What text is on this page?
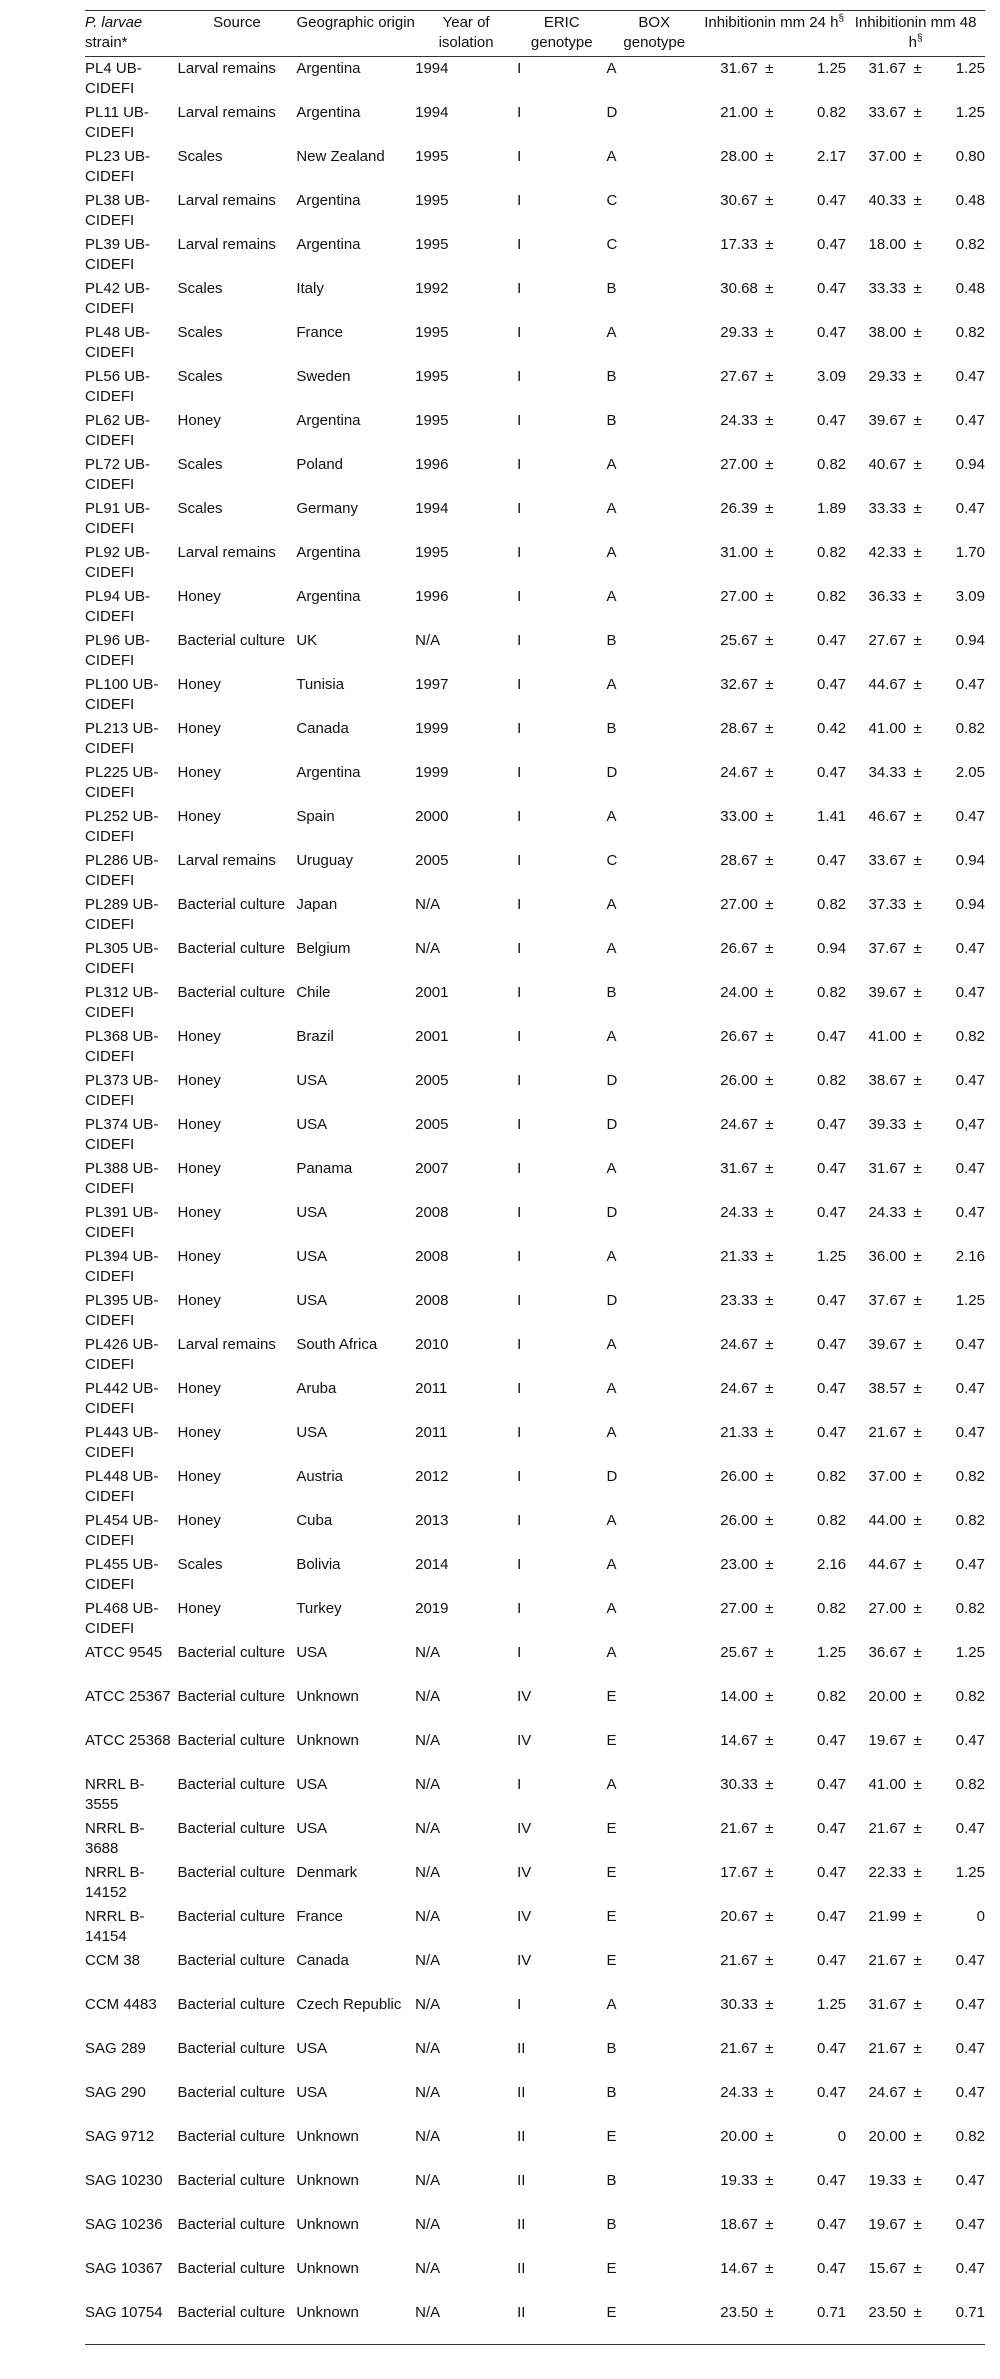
P. larvae
strain*	Source	Geographic origin	Year of isolation	ERIC genotype	BOX genotype	Inhibitionin mm 24 h§			Inhibitionin mm 48 h§
PL4 UB-CIDEFI	Larval remains	Argentina	1994	I	A	31.67	±	1.25	31.67	±	1.25
PL11 UB-CIDEFI	Larval remains	Argentina	1994	I	D	21.00	±	0.82	33.67	±	1.25
PL23 UB-CIDEFI	Scales	New Zealand	1995	I	A	28.00	±	2.17	37.00	±	0.80
PL38 UB-CIDEFI	Larval remains	Argentina	1995	I	C	30.67	±	0.47	40.33	±	0.48
PL39 UB-CIDEFI	Larval remains	Argentina	1995	I	C	17.33	±	0.47	18.00	±	0.82
PL42 UB-CIDEFI	Scales	Italy	1992	I	B	30.68	±	0.47	33.33	±	0.48
PL48 UB-CIDEFI	Scales	France	1995	I	A	29.33	±	0.47	38.00	±	0.82
PL56 UB-CIDEFI	Scales	Sweden	1995	I	B	27.67	±	3.09	29.33	±	0.47
PL62 UB-CIDEFI	Honey	Argentina	1995	I	B	24.33	±	0.47	39.67	±	0.47
PL72 UB-CIDEFI	Scales	Poland	1996	I	A	27.00	±	0.82	40.67	±	0.94
PL91 UB-CIDEFI	Scales	Germany	1994	I	A	26.39	±	1.89	33.33	±	0.47
PL92 UB-CIDEFI	Larval remains	Argentina	1995	I	A	31.00	±	0.82	42.33	±	1.70
PL94 UB-CIDEFI	Honey	Argentina	1996	I	A	27.00	±	0.82	36.33	±	3.09
PL96 UB-CIDEFI	Bacterial culture	UK	N/A	I	B	25.67	±	0.47	27.67	±	0.94
PL100 UB-CIDEFI	Honey	Tunisia	1997	I	A	32.67	±	0.47	44.67	±	0.47
PL213 UB-CIDEFI	Honey	Canada	1999	I	B	28.67	±	0.42	41.00	±	0.82
PL225 UB-CIDEFI	Honey	Argentina	1999	I	D	24.67	±	0.47	34.33	±	2.05
PL252 UB-CIDEFI	Honey	Spain	2000	I	A	33.00	±	1.41	46.67	±	0.47
PL286 UB-CIDEFI	Larval remains	Uruguay	2005	I	C	28.67	±	0.47	33.67	±	0.94
PL289 UB-CIDEFI	Bacterial culture	Japan	N/A	I	A	27.00	±	0.82	37.33	±	0.94
PL305 UB-CIDEFI	Bacterial culture	Belgium	N/A	I	A	26.67	±	0.94	37.67	±	0.47
PL312 UB-CIDEFI	Bacterial culture	Chile	2001	I	B	24.00	±	0.82	39.67	±	0.47
PL368 UB-CIDEFI	Honey	Brazil	2001	I	A	26.67	±	0.47	41.00	±	0.82
PL373 UB-CIDEFI	Honey	USA	2005	I	D	26.00	±	0.82	38.67	±	0.47
PL374 UB-CIDEFI	Honey	USA	2005	I	D	24.67	±	0.47	39.33	±	0,47
PL388 UB-CIDEFI	Honey	Panama	2007	I	A	31.67	±	0.47	31.67	±	0.47
PL391 UB-CIDEFI	Honey	USA	2008	I	D	24.33	±	0.47	24.33	±	0.47
PL394 UB-CIDEFI	Honey	USA	2008	I	A	21.33	±	1.25	36.00	±	2.16
PL395 UB-CIDEFI	Honey	USA	2008	I	D	23.33	±	0.47	37.67	±	1.25
PL426 UB-CIDEFI	Larval remains	South Africa	2010	I	A	24.67	±	0.47	39.67	±	0.47
PL442 UB-CIDEFI	Honey	Aruba	2011	I	A	24.67	±	0.47	38.57	±	0.47
PL443 UB-CIDEFI	Honey	USA	2011	I	A	21.33	±	0.47	21.67	±	0.47
PL448 UB-CIDEFI	Honey	Austria	2012	I	D	26.00	±	0.82	37.00	±	0.82
PL454 UB-CIDEFI	Honey	Cuba	2013	I	A	26.00	±	0.82	44.00	±	0.82
PL455 UB-CIDEFI	Scales	Bolivia	2014	I	A	23.00	±	2.16	44.67	±	0.47
PL468 UB-CIDEFI	Honey	Turkey	2019	I	A	27.00	±	0.82	27.00	±	0.82
ATCC 9545	Bacterial culture	USA	N/A	I	A	25.67	±	1.25	36.67	±	1.25
ATCC 25367	Bacterial culture	Unknown	N/A	IV	E	14.00	±	0.82	20.00	±	0.82
ATCC 25368	Bacterial culture	Unknown	N/A	IV	E	14.67	±	0.47	19.67	±	0.47
NRRL B-3555	Bacterial culture	USA	N/A	I	A	30.33	±	0.47	41.00	±	0.82
NRRL B-3688	Bacterial culture	USA	N/A	IV	E	21.67	±	0.47	21.67	±	0.47
NRRL B-14152	Bacterial culture	Denmark	N/A	IV	E	17.67	±	0.47	22.33	±	1.25
NRRL B-14154	Bacterial culture	France	N/A	IV	E	20.67	±	0.47	21.99	±	0
CCM 38	Bacterial culture	Canada	N/A	IV	E	21.67	±	0.47	21.67	±	0.47
CCM 4483	Bacterial culture	Czech Republic	N/A	I	A	30.33	±	1.25	31.67	±	0.47
SAG 289	Bacterial culture	USA	N/A	II	B	21.67	±	0.47	21.67	±	0.47
SAG 290	Bacterial culture	USA	N/A	II	B	24.33	±	0.47	24.67	±	0.47
SAG 9712	Bacterial culture	Unknown	N/A	II	E	20.00	±	0	20.00	±	0.82
SAG 10230	Bacterial culture	Unknown	N/A	II	B	19.33	±	0.47	19.33	±	0.47
SAG 10236	Bacterial culture	Unknown	N/A	II	B	18.67	±	0.47	19.67	±	0.47
SAG 10367	Bacterial culture	Unknown	N/A	II	E	14.67	±	0.47	15.67	±	0.47
SAG 10754	Bacterial culture	Unknown	N/A	II	E	23.50	±	0.71	23.50	±	0.71
